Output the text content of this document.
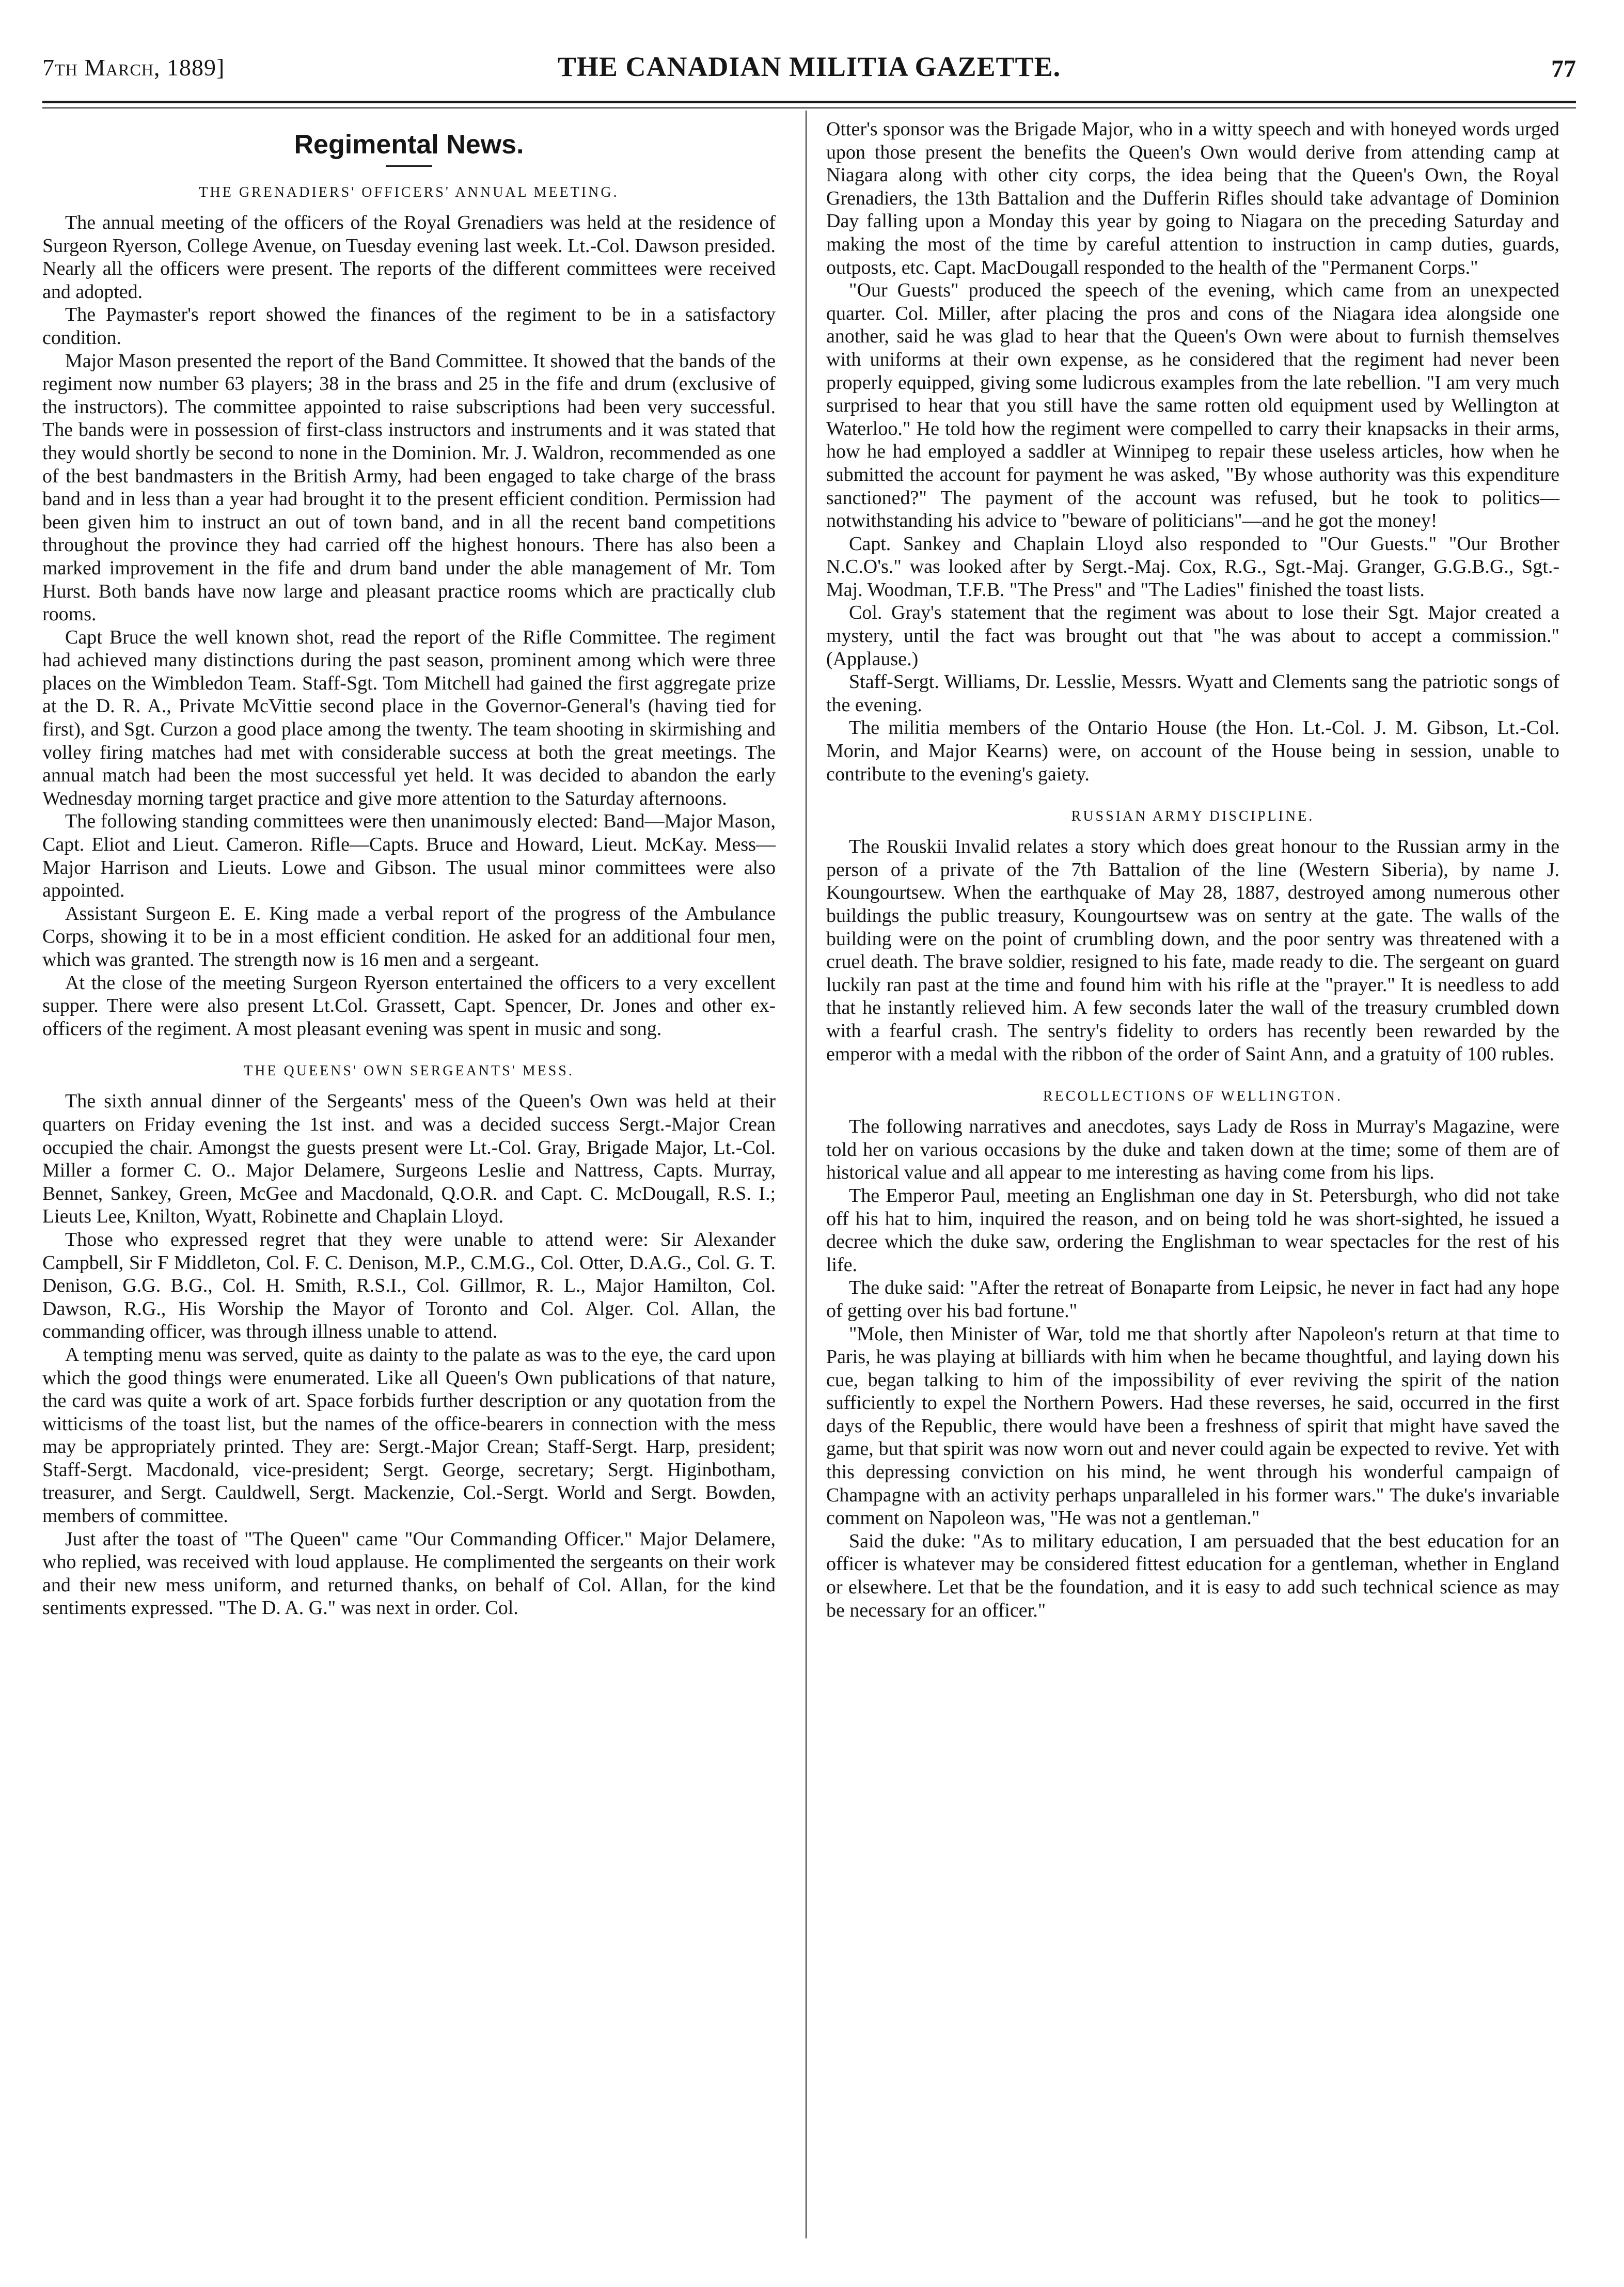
7th March, 1889]	THE CANADIAN MILITIA GAZETTE.	77
Regimental News.
THE GRENADIERS' OFFICERS' ANNUAL MEETING.

The annual meeting of the officers of the Royal Grenadiers was held at the residence of Surgeon Ryerson, College Avenue, on Tuesday evening last week. Lt.-Col. Dawson presided. Nearly all the officers were present. The reports of the different committees were received and adopted.

The Paymaster's report showed the finances of the regiment to be in a satisfactory condition.

Major Mason presented the report of the Band Committee. It showed that the bands of the regiment now number 63 players; 38 in the brass and 25 in the fife and drum (exclusive of the instructors). The committee appointed to raise subscriptions had been very successful. The bands were in possession of first-class instructors and instruments and it was stated that they would shortly be second to none in the Dominion. Mr. J. Waldron, recommended as one of the best bandmasters in the British Army, had been engaged to take charge of the brass band and in less than a year had brought it to the present efficient condition. Permission had been given him to instruct an out of town band, and in all the recent band competitions throughout the province they had carried off the highest honours. There has also been a marked improvement in the fife and drum band under the able management of Mr. Tom Hurst. Both bands have now large and pleasant practice rooms which are practically club rooms.

Capt Bruce the well known shot, read the report of the Rifle Committee. The regiment had achieved many distinctions during the past season, prominent among which were three places on the Wimbledon Team. Staff-Sgt. Tom Mitchell had gained the first aggregate prize at the D. R. A., Private McVittie second place in the Governor-General's (having tied for first), and Sgt. Curzon a good place among the twenty. The team shooting in skirmishing and volley firing matches had met with considerable success at both the great meetings. The annual match had been the most successful yet held. It was decided to abandon the early Wednesday morning target practice and give more attention to the Saturday afternoons.

The following standing committees were then unanimously elected: Band—Major Mason, Capt. Eliot and Lieut. Cameron. Rifle—Capts. Bruce and Howard, Lieut. McKay. Mess—Major Harrison and Lieuts. Lowe and Gibson. The usual minor committees were also appointed.

Assistant Surgeon E. E. King made a verbal report of the progress of the Ambulance Corps, showing it to be in a most efficient condition. He asked for an additional four men, which was granted. The strength now is 16 men and a sergeant.

At the close of the meeting Surgeon Ryerson entertained the officers to a very excellent supper. There were also present Lt.Col. Grassett, Capt. Spencer, Dr. Jones and other ex-officers of the regiment. A most pleasant evening was spent in music and song.

THE QUEENS' OWN SERGEANTS' MESS.

The sixth annual dinner of the Sergeants' mess of the Queen's Own was held at their quarters on Friday evening the 1st inst. and was a decided success Sergt.-Major Crean occupied the chair. Amongst the guests present were Lt.-Col. Gray, Brigade Major, Lt.-Col. Miller a former C. O.. Major Delamere, Surgeons Leslie and Nattress, Capts. Murray, Bennet, Sankey, Green, McGee and Macdonald, Q.O.R. and Capt. C. McDougall, R.S. I.; Lieuts Lee, Knilton, Wyatt, Robinette and Chaplain Lloyd.

Those who expressed regret that they were unable to attend were: Sir Alexander Campbell, Sir F Middleton, Col. F. C. Denison, M.P., C.M.G., Col. Otter, D.A.G., Col. G. T. Denison, G.G. B.G., Col. H. Smith, R.S.I., Col. Gillmor, R. L., Major Hamilton, Col. Dawson, R.G., His Worship the Mayor of Toronto and Col. Alger. Col. Allan, the commanding officer, was through illness unable to attend.

A tempting menu was served, quite as dainty to the palate as was to the eye, the card upon which the good things were enumerated. Like all Queen's Own publications of that nature, the card was quite a work of art. Space forbids further description or any quotation from the witticisms of the toast list, but the names of the office-bearers in connection with the mess may be appropriately printed. They are: Sergt.-Major Crean; Staff-Sergt. Harp, president; Staff-Sergt. Macdonald, vice-president; Sergt. George, secretary; Sergt. Higinbotham, treasurer, and Sergt. Cauldwell, Sergt. Mackenzie, Col.-Sergt. World and Sergt. Bowden, members of committee.

Just after the toast of "The Queen" came "Our Commanding Officer." Major Delamere, who replied, was received with loud applause. He complimented the sergeants on their work and their new mess uniform, and returned thanks, on behalf of Col. Allan, for the kind sentiments expressed. "The D. A. G." was next in order. Col.

Otter's sponsor was the Brigade Major, who in a witty speech and with honeyed words urged upon those present the benefits the Queen's Own would derive from attending camp at Niagara along with other city corps, the idea being that the Queen's Own, the Royal Grenadiers, the 13th Battalion and the Dufferin Rifles should take advantage of Dominion Day falling upon a Monday this year by going to Niagara on the preceding Saturday and making the most of the time by careful attention to instruction in camp duties, guards, outposts, etc. Capt. MacDougall responded to the health of the "Permanent Corps."

"Our Guests" produced the speech of the evening, which came from an unexpected quarter. Col. Miller, after placing the pros and cons of the Niagara idea alongside one another, said he was glad to hear that the Queen's Own were about to furnish themselves with uniforms at their own expense, as he considered that the regiment had never been properly equipped, giving some ludicrous examples from the late rebellion. "I am very much surprised to hear that you still have the same rotten old equipment used by Wellington at Waterloo." He told how the regiment were compelled to carry their knapsacks in their arms, how he had employed a saddler at Winnipeg to repair these useless articles, how when he submitted the account for payment he was asked, "By whose authority was this expenditure sanctioned?" The payment of the account was refused, but he took to politics—notwithstanding his advice to "beware of politicians"—and he got the money!

Capt. Sankey and Chaplain Lloyd also responded to "Our Guests." "Our Brother N.C.O's." was looked after by Sergt.-Maj. Cox, R.G., Sgt.-Maj. Granger, G.G.B.G., Sgt.-Maj. Woodman, T.F.B. "The Press" and "The Ladies" finished the toast lists.

Col. Gray's statement that the regiment was about to lose their Sgt. Major created a mystery, until the fact was brought out that "he was about to accept a commission." (Applause.)

Staff-Sergt. Williams, Dr. Lesslie, Messrs. Wyatt and Clements sang the patriotic songs of the evening.

The militia members of the Ontario House (the Hon. Lt.-Col. J. M. Gibson, Lt.-Col. Morin, and Major Kearns) were, on account of the House being in session, unable to contribute to the evening's gaiety.

RUSSIAN ARMY DISCIPLINE.

The Rouskii Invalid relates a story which does great honour to the Russian army in the person of a private of the 7th Battalion of the line (Western Siberia), by name J. Koungourtsew. When the earthquake of May 28, 1887, destroyed among numerous other buildings the public treasury, Koungourtsew was on sentry at the gate. The walls of the building were on the point of crumbling down, and the poor sentry was threatened with a cruel death. The brave soldier, resigned to his fate, made ready to die. The sergeant on guard luckily ran past at the time and found him with his rifle at the "prayer." It is needless to add that he instantly relieved him. A few seconds later the wall of the treasury crumbled down with a fearful crash. The sentry's fidelity to orders has recently been rewarded by the emperor with a medal with the ribbon of the order of Saint Ann, and a gratuity of 100 rubles.

RECOLLECTIONS OF WELLINGTON.

The following narratives and anecdotes, says Lady de Ross in Murray's Magazine, were told her on various occasions by the duke and taken down at the time; some of them are of historical value and all appear to me interesting as having come from his lips.

The Emperor Paul, meeting an Englishman one day in St. Petersburgh, who did not take off his hat to him, inquired the reason, and on being told he was short-sighted, he issued a decree which the duke saw, ordering the Englishman to wear spectacles for the rest of his life.

The duke said: "After the retreat of Bonaparte from Leipsic, he never in fact had any hope of getting over his bad fortune."

"Mole, then Minister of War, told me that shortly after Napoleon's return at that time to Paris, he was playing at billiards with him when he became thoughtful, and laying down his cue, began talking to him of the impossibility of ever reviving the spirit of the nation sufficiently to expel the Northern Powers. Had these reverses, he said, occurred in the first days of the Republic, there would have been a freshness of spirit that might have saved the game, but that spirit was now worn out and never could again be expected to revive. Yet with this depressing conviction on his mind, he went through his wonderful campaign of Champagne with an activity perhaps unparalleled in his former wars." The duke's invariable comment on Napoleon was, "He was not a gentleman."

Said the duke: "As to military education, I am persuaded that the best education for an officer is whatever may be considered fittest education for a gentleman, whether in England or elsewhere. Let that be the foundation, and it is easy to add such technical science as may be necessary for an officer."
